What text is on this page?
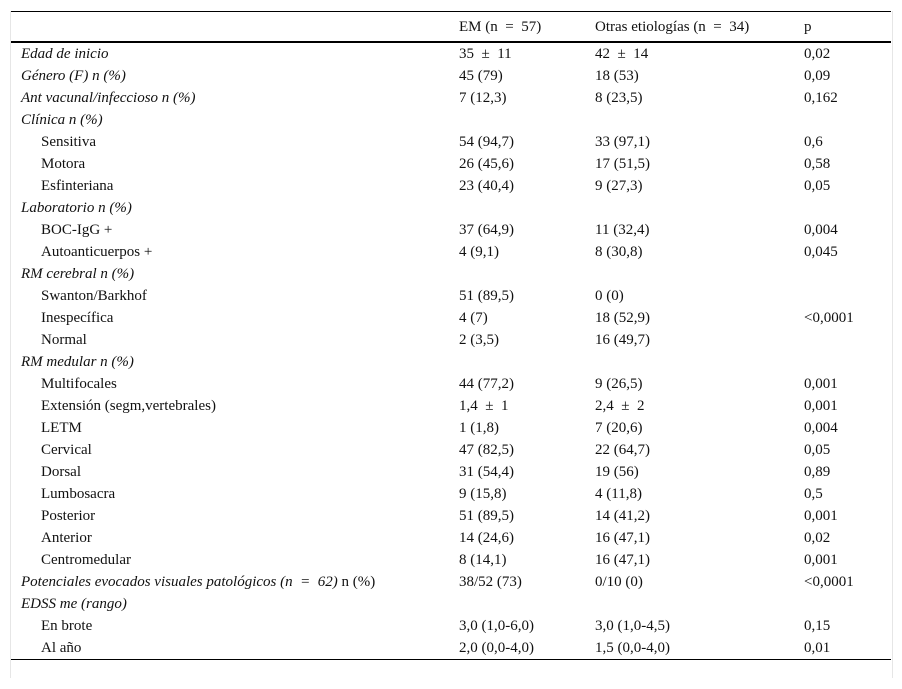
	EM (n = 57)	Otras etiologías (n = 34)	p
Edad de inicio	35 ± 11	42 ± 14	0,02
Género (F) n (%)	45 (79)	18 (53)	0,09
Ant vacunal/infeccioso n (%)	7 (12,3)	8 (23,5)	0,162
Clínica n (%)			
Sensitiva	54 (94,7)	33 (97,1)	0,6
Motora	26 (45,6)	17 (51,5)	0,58
Esfinteriana	23 (40,4)	9 (27,3)	0,05
Laboratorio n (%)			
BOC-IgG +	37 (64,9)	11 (32,4)	0,004
Autoanticuerpos +	4 (9,1)	8 (30,8)	0,045
RM cerebral n (%)			
Swanton/Barkhof	51 (89,5)	0 (0)	
Inespecífica	4 (7)	18 (52,9)	<0,0001
Normal	2 (3,5)	16 (49,7)	
RM medular n (%)			
Multifocales	44 (77,2)	9 (26,5)	0,001
Extensión (segm,vertebrales)	1,4 ± 1	2,4 ± 2	0,001
LETM	1 (1,8)	7 (20,6)	0,004
Cervical	47 (82,5)	22 (64,7)	0,05
Dorsal	31 (54,4)	19 (56)	0,89
Lumbosacra	9 (15,8)	4 (11,8)	0,5
Posterior	51 (89,5)	14 (41,2)	0,001
Anterior	14 (24,6)	16 (47,1)	0,02
Centromedular	8 (14,1)	16 (47,1)	0,001
Potenciales evocados visuales patológicos (n = 62) n (%)	38/52 (73)	0/10 (0)	<0,0001
EDSS me (rango)			
En brote	3,0 (1,0-6,0)	3,0 (1,0-4,5)	0,15
Al año	2,0 (0,0-4,0)	1,5 (0,0-4,0)	0,01
